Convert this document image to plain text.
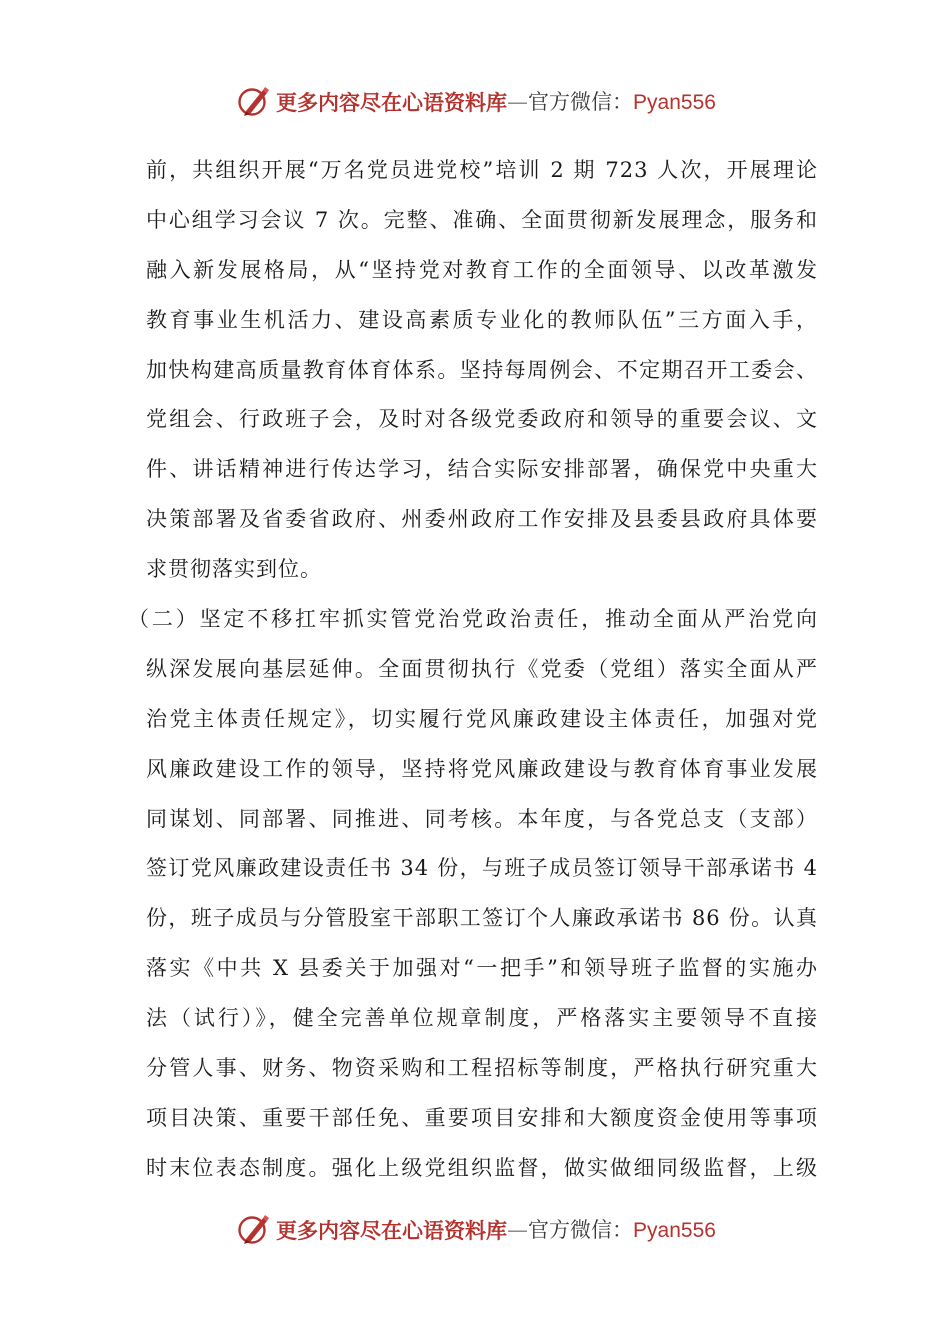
更多内容尽在心语资料库 — 官方微信： Pyan556
前，共组织开展“万名党员进党校”培训 2 期 723 人次，开展理论
中心组学习会议 7 次。完整、准确、全面贯彻新发展理念，服务和
融入新发展格局，从“坚持党对教育工作的全面领导、以改革激发
教育事业生机活力、建设高素质专业化的教师队伍”三方面入手，
加快构建高质量教育体育体系。坚持每周例会、不定期召开工委会、
党组会、行政班子会，及时对各级党委政府和领导的重要会议、文
件、讲话精神进行传达学习，结合实际安排部署，确保党中央重大
决策部署及省委省政府、州委州政府工作安排及县委县政府具体要
求贯彻落实到位。
（二）坚定不移扛牢抓实管党治党政治责任，推动全面从严治党向
纵深发展向基层延伸。全面贯彻执行《党委（党组）落实全面从严
治党主体责任规定》，切实履行党风廉政建设主体责任，加强对党
风廉政建设工作的领导，坚持将党风廉政建设与教育体育事业发展
同谋划、同部署、同推进、同考核。本年度，与各党总支（支部）
签订党风廉政建设责任书 34 份，与班子成员签订领导干部承诺书 4
份，班子成员与分管股室干部职工签订个人廉政承诺书 86 份。认真
落实《中共 X 县委关于加强对“一把手”和领导班子监督的实施办
法（试行）》，健全完善单位规章制度，严格落实主要领导不直接
分管人事、财务、物资采购和工程招标等制度，严格执行研究重大
项目决策、重要干部任免、重要项目安排和大额度资金使用等事项
时末位表态制度。强化上级党组织监督，做实做细同级监督，上级
更多内容尽在心语资料库 — 官方微信： Pyan556
